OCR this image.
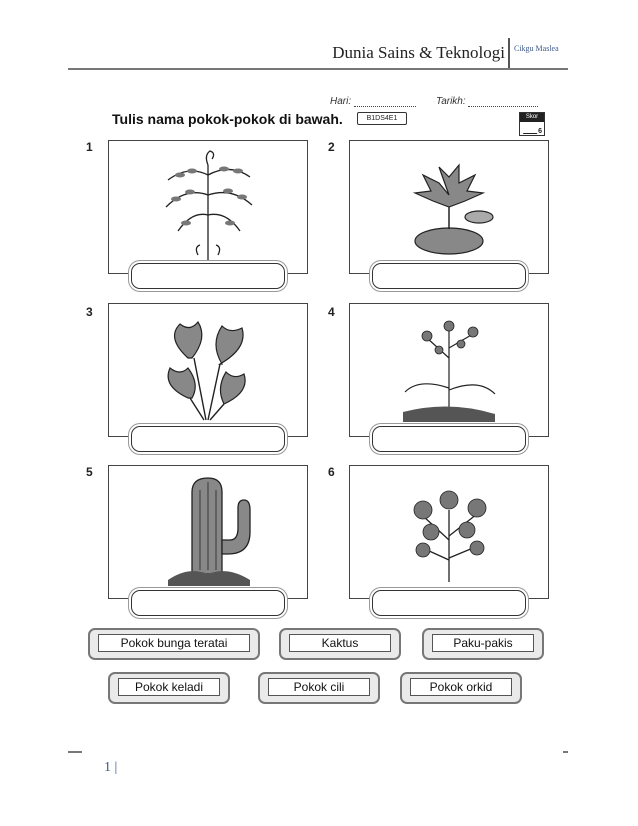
Dunia Sains & Teknologi Cikgu Maslea
Hari:	Tarikh:
Tulis nama pokok-pokok di bawah.	B1DS4E1	Skor
6
1	2
3	4
5	6
Pokok bunga teratai	Kaktus	Paku-pakis
Pokok keladi	Pokok cili	Pokok orkid
1 |
